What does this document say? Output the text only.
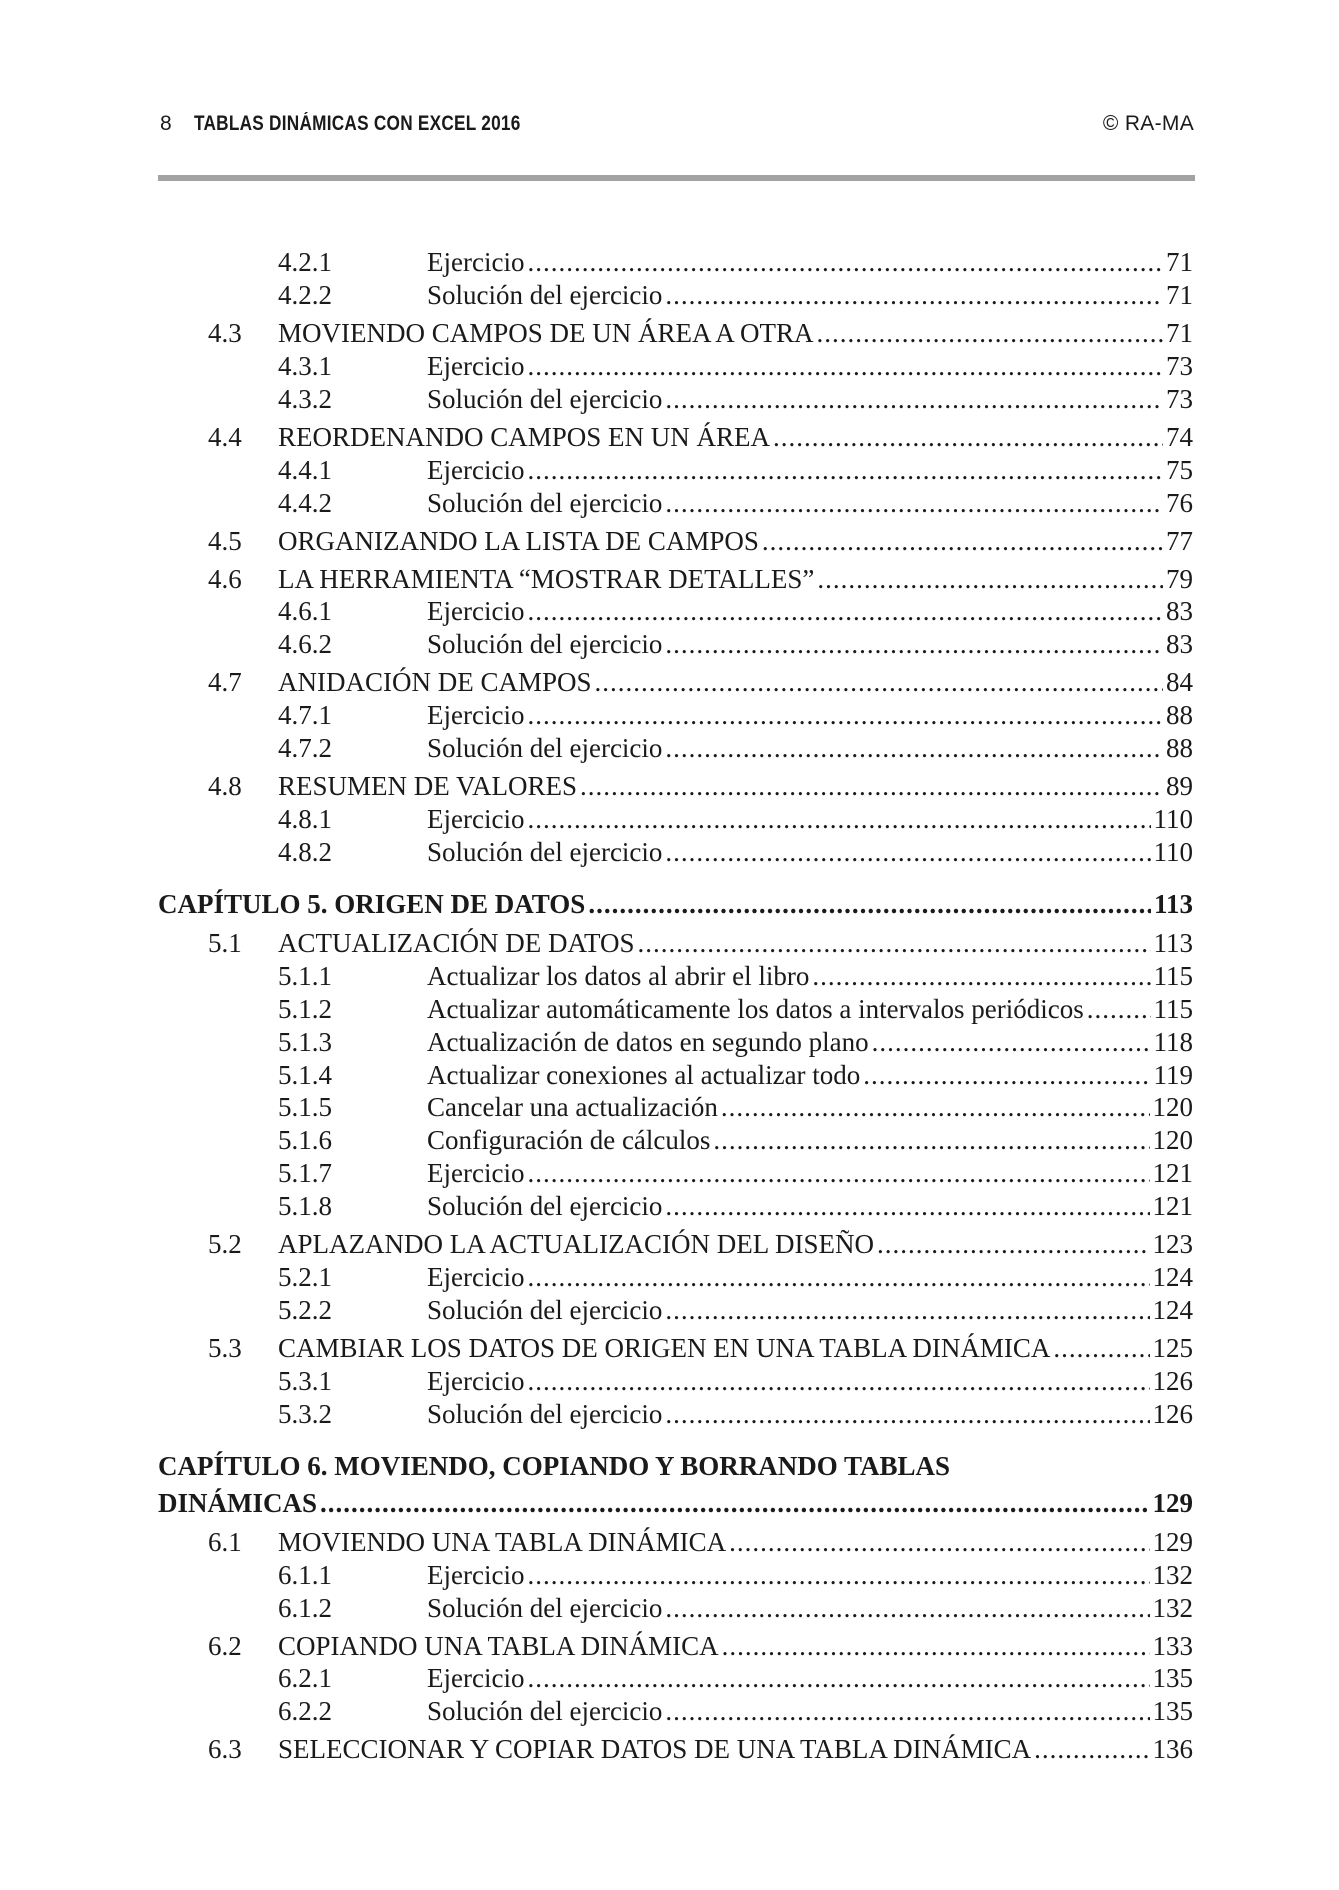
8 TABLAS DINÁMICAS CON EXCEL 2016	© RA-MA
4.2.1	Ejercicio .....	71
4.2.2	Solución del ejercicio .....	71
4.3 MOVIENDO CAMPOS DE UN ÁREA A OTRA .....	71
4.3.1	Ejercicio .....	73
4.3.2	Solución del ejercicio .....	73
4.4 REORDENANDO CAMPOS EN UN ÁREA .....	74
4.4.1	Ejercicio .....	75
4.4.2	Solución del ejercicio .....	76
4.5 ORGANIZANDO LA LISTA DE CAMPOS .....	77
4.6 LA HERRAMIENTA “MOSTRAR DETALLES” .....	79
4.6.1	Ejercicio .....	83
4.6.2	Solución del ejercicio .....	83
4.7 ANIDACIÓN DE CAMPOS .....	84
4.7.1	Ejercicio .....	88
4.7.2	Solución del ejercicio .....	88
4.8 RESUMEN DE VALORES .....	89
4.8.1	Ejercicio .....	110
4.8.2	Solución del ejercicio .....	110
CAPÍTULO 5. ORIGEN DE DATOS .....	113
5.1 ACTUALIZACIÓN DE DATOS .....	113
5.1.1	Actualizar los datos al abrir el libro .....	115
5.1.2	Actualizar automáticamente los datos a intervalos periódicos .....	115
5.1.3	Actualización de datos en segundo plano .....	118
5.1.4	Actualizar conexiones al actualizar todo .....	119
5.1.5	Cancelar una actualización .....	120
5.1.6	Configuración de cálculos .....	120
5.1.7	Ejercicio .....	121
5.1.8	Solución del ejercicio .....	121
5.2 APLAZANDO LA ACTUALIZACIÓN DEL DISEÑO .....	123
5.2.1	Ejercicio .....	124
5.2.2	Solución del ejercicio .....	124
5.3 CAMBIAR LOS DATOS DE ORIGEN EN UNA TABLA DINÁMICA .....	125
5.3.1	Ejercicio .....	126
5.3.2	Solución del ejercicio .....	126
CAPÍTULO 6. MOVIENDO, COPIANDO Y BORRANDO TABLAS
DINÁMICAS .....	129
6.1 MOVIENDO UNA TABLA DINÁMICA .....	129
6.1.1	Ejercicio .....	132
6.1.2	Solución del ejercicio .....	132
6.2 COPIANDO UNA TABLA DINÁMICA .....	133
6.2.1	Ejercicio .....	135
6.2.2	Solución del ejercicio .....	135
6.3 SELECCIONAR Y COPIAR DATOS DE UNA TABLA DINÁMICA .....	136
